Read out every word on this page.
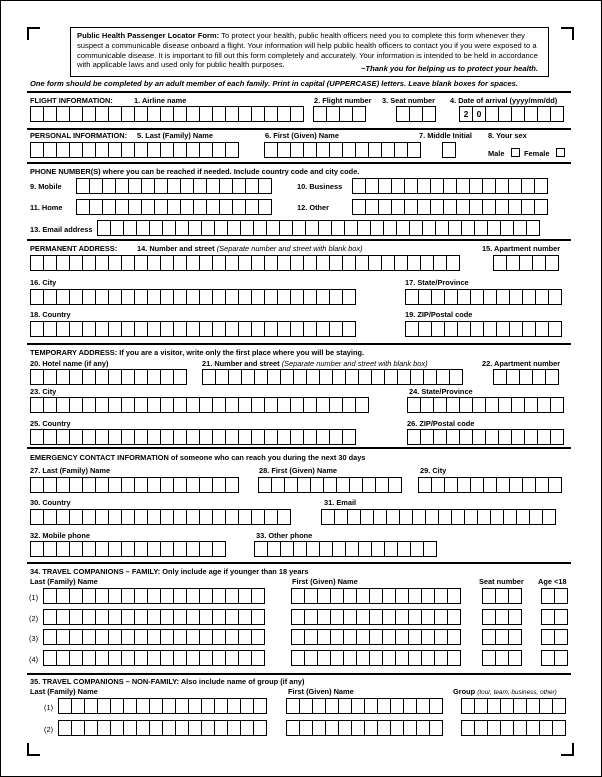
Public Health Passenger Locator Form: To protect your health, public health officers need you to complete this form whenever they suspect a communicable disease onboard a flight. Your information will help public health officers to contact you if you were exposed to a communicable disease. It is important to fill out this form completely and accurately. Your information is intended to be held in accordance with applicable laws and used only for public health purposes.	~Thank you for helping us to protect your health.
One form should be completed by an adult member of each family. Print in capital (UPPERCASE) letters. Leave blank boxes for spaces.
FLIGHT INFORMATION:	1. Airline name	2. Flight number 3. Seat number 4. Date of arrival (yyyy/mm/dd)
2 0
PERSONAL INFORMATION: 5. Last (Family) Name	6. First (Given) Name	7. Middle Initial 8. Your sex
Male	Female
PHONE NUMBER(S) where you can be reached if needed. Include country code and city code.
9. Mobile	10. Business
11. Home	12. Other
13. Email address
PERMANENT ADDRESS:	14. Number and street (Separate number and street with blank box)	15. Apartment number
16. City	17. State/Province
18. Country	19. ZIP/Postal code
TEMPORARY ADDRESS: If you are a visitor, write only the first place where you will be staying.
20. Hotel name (if any)	21. Number and street (Separate number and street with blank box)	22. Apartment number
23. City	24. State/Province
25. Country	26. ZIP/Postal code
EMERGENCY CONTACT INFORMATION of someone who can reach you during the next 30 days
27. Last (Family) Name	28. First (Given) Name	29. City
30. Country	31. Email
32. Mobile phone	33. Other phone
34. TRAVEL COMPANIONS – FAMILY: Only include age if younger than 18 years
Last (Family) Name	First (Given) Name	Seat number Age <18
(1)
(2)
(3)
(4)
35. TRAVEL COMPANIONS – NON-FAMILY: Also include name of group (if any)
Last (Family) Name	First (Given) Name	Group (tour, team, business, other)
(1)
(2)
